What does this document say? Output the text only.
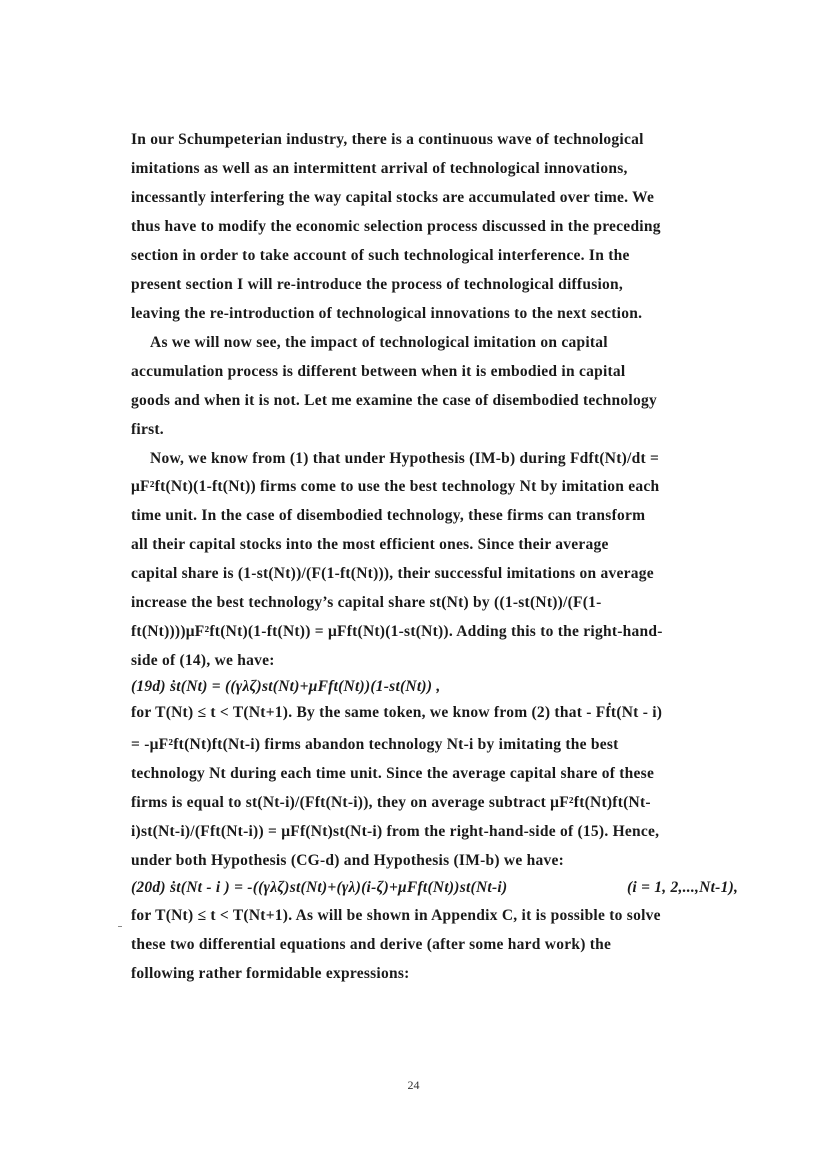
In our Schumpeterian industry, there is a continuous wave of technological
imitations as well as an intermittent arrival of technological innovations,
incessantly interfering the way capital stocks are accumulated over time. We
thus have to modify the economic selection process discussed in the preceding
section in order to take account of such technological interference. In the
present section I will re-introduce the process of technological diffusion,
leaving the re-introduction of technological innovations to the next section.
As we will now see, the impact of technological imitation on capital
accumulation process is different between when it is embodied in capital
goods and when it is not. Let me examine the case of disembodied technology
first.
Now, we know from (1) that under Hypothesis (IM-b) during Fdft(Nt)/dt =
μF²ft(Nt)(1-ft(Nt)) firms come to use the best technology Nt by imitation each
time unit. In the case of disembodied technology, these firms can transform
all their capital stocks into the most efficient ones. Since their average
capital share is (1-st(Nt))/(F(1-ft(Nt))), their successful imitations on average
increase the best technology’s capital share st(Nt) by ((1-st(Nt))/(F(1-
ft(Nt))))μF²ft(Nt)(1-ft(Nt)) = μFft(Nt)(1-st(Nt)). Adding this to the right-hand-
side of (14), we have:
(19d) ṡt(Nt) = ((γλζ)st(Nt)+μFft(Nt))(1-st(Nt)) ,
for T(Nt) ≤ t < T(Nt+1). By the same token, we know from (2) that - Fḟt(Nt - i)
= -μF²ft(Nt)ft(Nt-i) firms abandon technology Nt-i by imitating the best
technology Nt during each time unit. Since the average capital share of these
firms is equal to st(Nt-i)/(Fft(Nt-i)), they on average subtract μF²ft(Nt)ft(Nt-
i)st(Nt-i)/(Fft(Nt-i)) = μFf(Nt)st(Nt-i) from the right-hand-side of (15). Hence,
under both Hypothesis (CG-d) and Hypothesis (IM-b) we have:
(20d) ṡt(Nt - i ) = -((γλζ)st(Nt)+(γλ)(i-ζ)+μFft(Nt))st(Nt-i)	(i = 1, 2,...,Nt-1),
for T(Nt) ≤ t < T(Nt+1). As will be shown in Appendix C, it is possible to solve
these two differential equations and derive (after some hard work) the
following rather formidable expressions:
24
